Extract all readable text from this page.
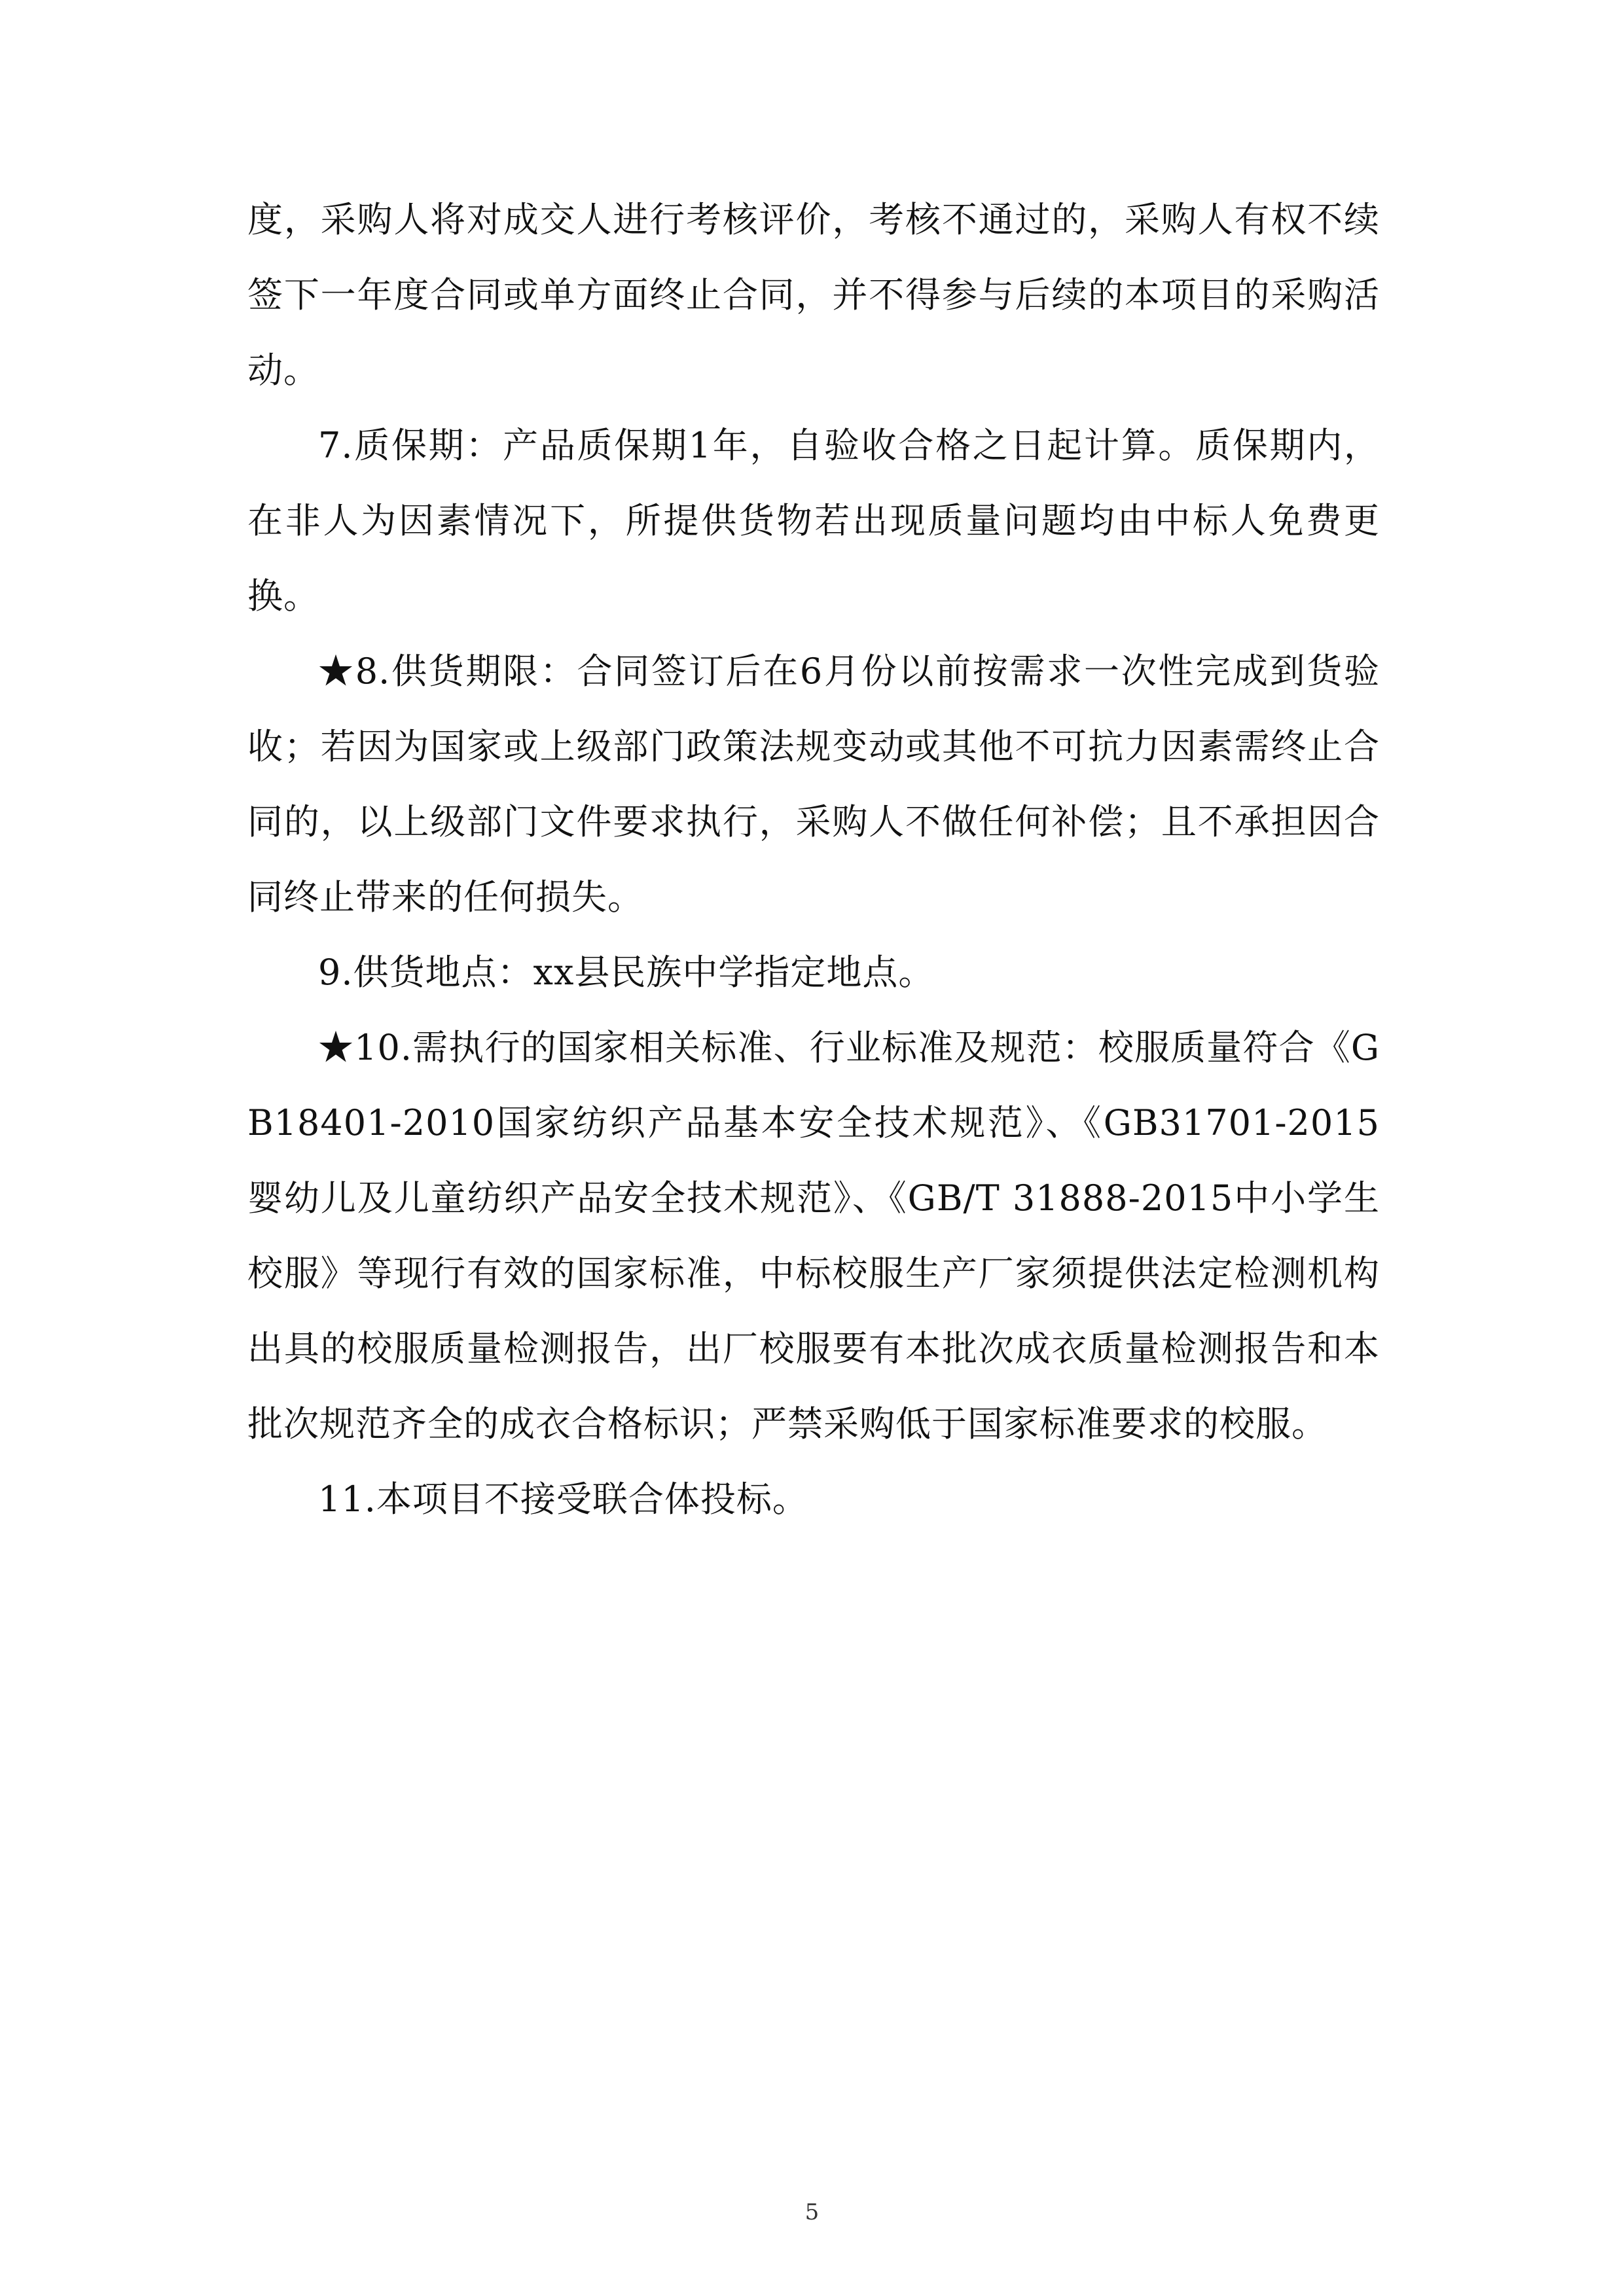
度，采购人将对成交人进行考核评价，考核不通过的，采购人有权不续签下一年度合同或单方面终止合同，并不得参与后续的本项目的采购活动。

7.质保期：产品质保期1年，自验收合格之日起计算。质保期内，在非人为因素情况下，所提供货物若出现质量问题均由中标人免费更换。

★8.供货期限：合同签订后在6月份以前按需求一次性完成到货验收；若因为国家或上级部门政策法规变动或其他不可抗力因素需终止合同的，以上级部门文件要求执行，采购人不做任何补偿；且不承担因合同终止带来的任何损失。

9.供货地点：xx县民族中学指定地点。

★10.需执行的国家相关标准、行业标准及规范：校服质量符合《GB18401-2010国家纺织产品基本安全技术规范》、《GB31701-2015婴幼儿及儿童纺织产品安全技术规范》、《GB/T 31888-2015中小学生校服》等现行有效的国家标准，中标校服生产厂家须提供法定检测机构出具的校服质量检测报告，出厂校服要有本批次成衣质量检测报告和本批次规范齐全的成衣合格标识；严禁采购低于国家标准要求的校服。

11.本项目不接受联合体投标。

5
